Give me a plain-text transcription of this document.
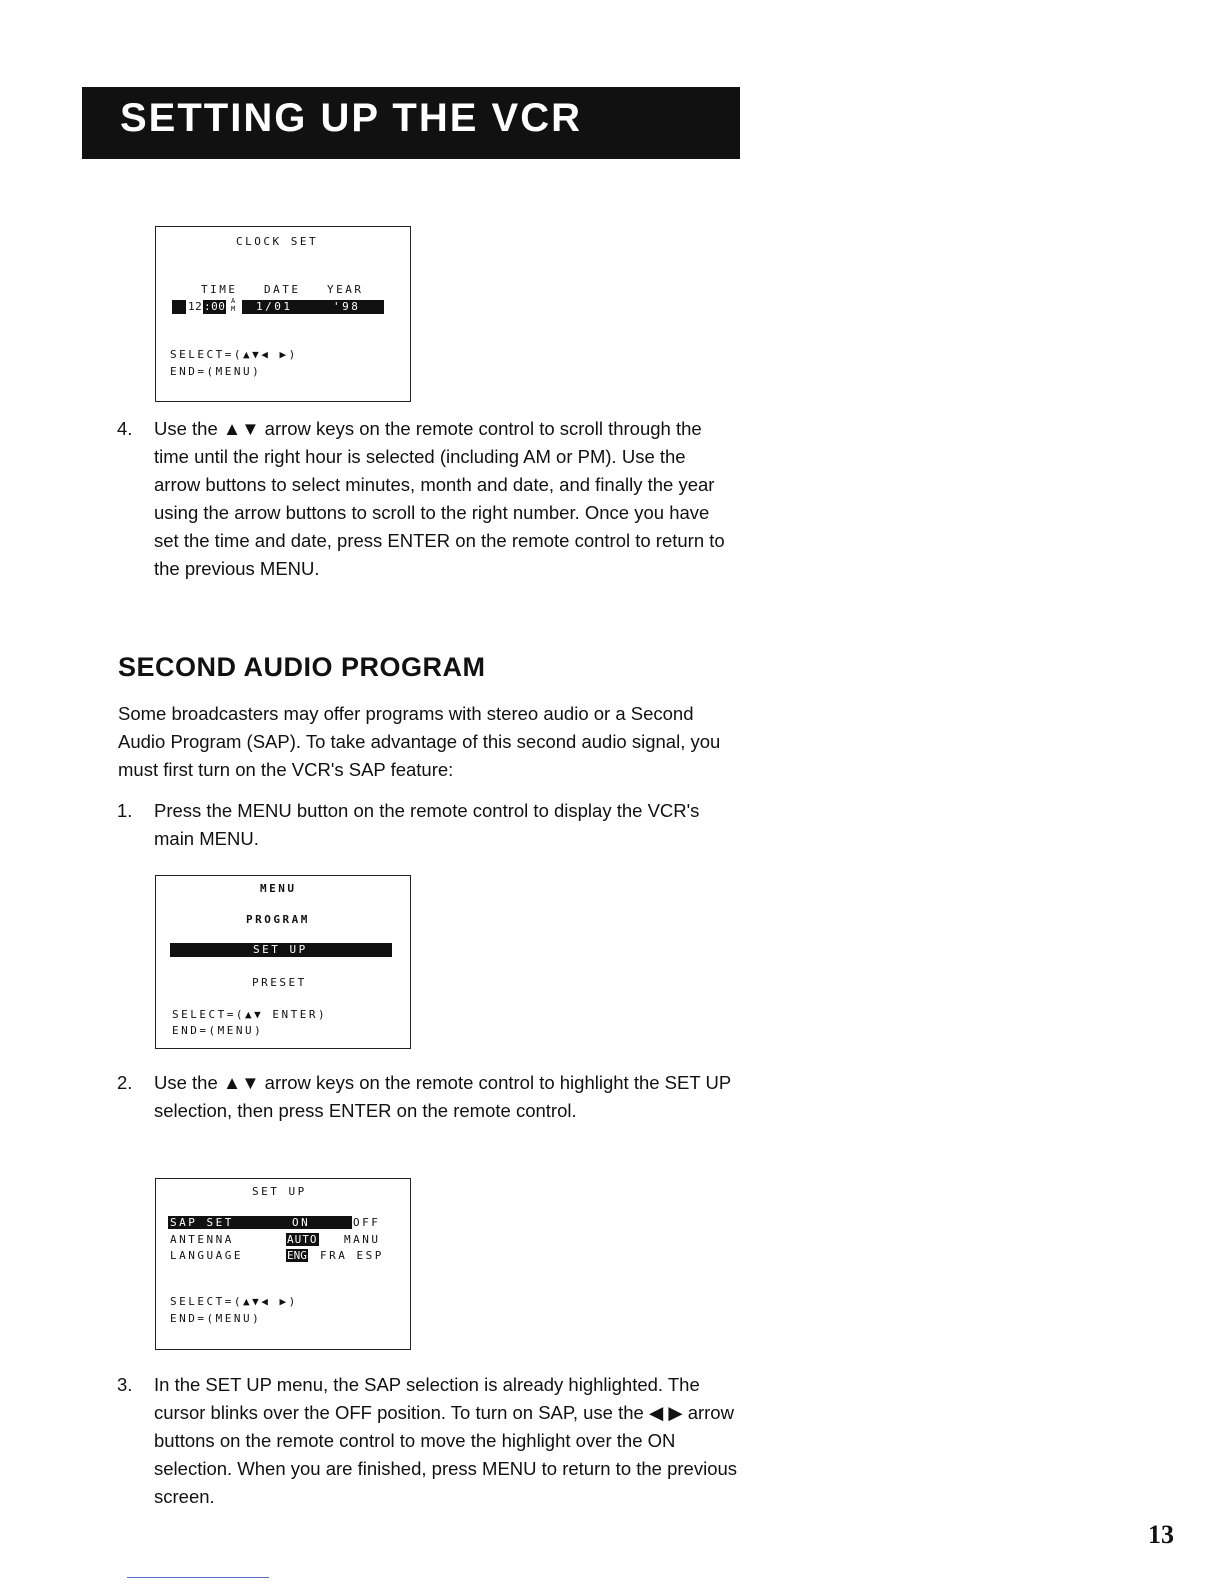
SETTING UP THE VCR
CLOCK SET
TIME DATE YEAR
12 :00 A M 1/01	'98
SELECT=(▲▼◀ ▶)
END=(MENU)
4. Use the ▲▼ arrow keys on the remote control to scroll through the time until the right hour is selected (including AM or PM). Use the arrow buttons to select minutes, month and date, and finally the year using the arrow buttons to scroll to the right number. Once you have set the time and date, press ENTER on the remote control to return to the previous MENU.
SECOND AUDIO PROGRAM
Some broadcasters may offer programs with stereo audio or a Second Audio Program (SAP). To take advantage of this second audio signal, you must first turn on the VCR's SAP feature:
1. Press the MENU button on the remote control to display the VCR's main MENU.
MENU
PROGRAM
SET UP
PRESET
SELECT=(▲▼ ENTER)
END=(MENU)
2. Use the ▲▼ arrow keys on the remote control to highlight the SET UP selection, then press ENTER on the remote control.
SET UP
SAP SET	ON	OFF
ANTENNA	AUTO MANU
LANGUAGE	ENG FRA ESP
SELECT=(▲▼◀ ▶)
END=(MENU)
3. In the SET UP menu, the SAP selection is already highlighted. The cursor blinks over the OFF position. To turn on SAP, use the ◀ ▶ arrow buttons on the remote control to move the highlight over the ON selection. When you are finished, press MENU to return to the previous screen.
13
